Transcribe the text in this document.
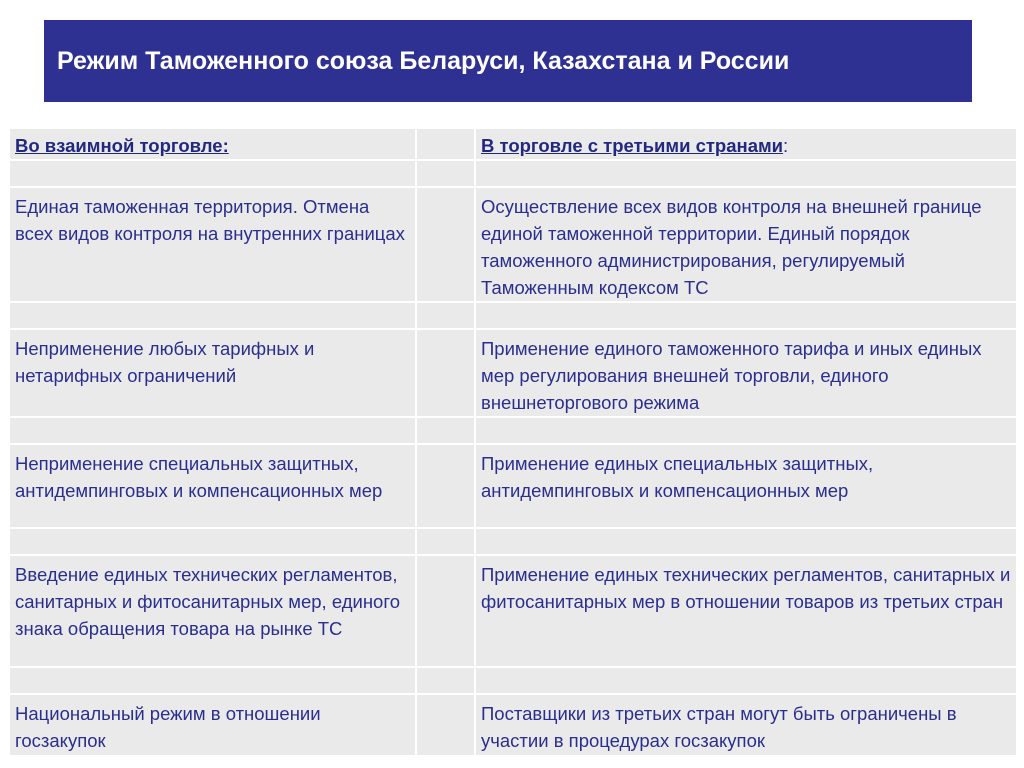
Режим Таможенного союза Беларуси, Казахстана и России
Во взаимной торговле:		В торговле с третьими странами:

Единая таможенная территория. Отмена всех видов контроля на внутренних границах		Осуществление всех видов контроля на внешней границе единой таможенной территории. Единый порядок таможенного администрирования, регулируемый Таможенным кодексом ТС

Неприменение любых тарифных и нетарифных ограничений		Применение единого таможенного тарифа и иных единых мер регулирования внешней торговли, единого внешнеторгового режима

Неприменение специальных защитных, антидемпинговых и компенсационных мер		Применение единых специальных защитных, антидемпинговых и компенсационных мер

Введение единых технических регламентов, санитарных и фитосанитарных мер, единого знака обращения товара на рынке ТС		Применение единых технических регламентов, санитарных и фитосанитарных мер в отношении товаров из третьих стран

Национальный режим в отношении госзакупок		Поставщики из третьих стран могут быть ограничены в участии в процедурах госзакупок
